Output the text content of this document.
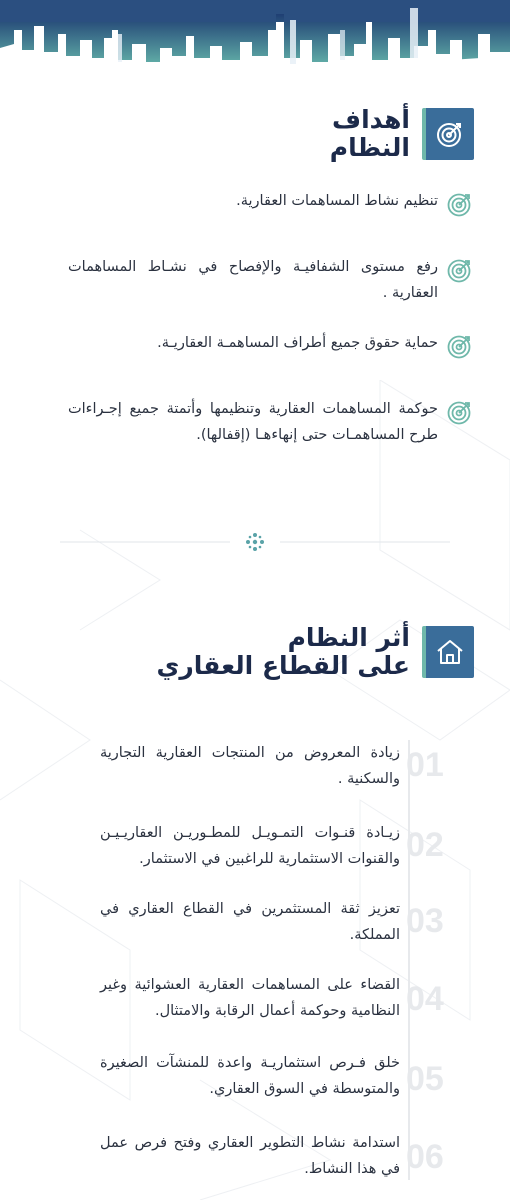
أهداف
النظام
تنظيم نشاط المساهمات العقارية.
رفع مستوى الشفافيـة والإفصاح في نشـاط المساهمات العقارية .
حماية حقوق جميع أطراف المساهمـة العقاريـة.
حوكمة المساهمات العقارية وتنظيمها وأتمتة جميع إجـراءات طرح المساهمـات حتى إنهاءهـا (إقفالها).
أثر النظام
على القطاع العقاري
01
زيادة المعروض من المنتجات العقارية التجارية والسكنية .
02
زيـادة قنـوات التمـويـل للمطـوريـن العقاريـيـن والقنوات الاستثمارية للراغبين في الاستثمار.
03
تعزيز ثقة المستثمرين في القطاع العقاري في المملكة.
04
القضاء على المساهمات العقارية العشوائية وغير النظامية وحوكمة أعمال الرقابة والامتثال.
05
خلق فـرص استثماريـة واعدة للمنشآت الصغيرة والمتوسطة في السوق العقاري.
06
استدامة نشاط التطوير العقاري وفتح فرص عمل في هذا النشاط.
